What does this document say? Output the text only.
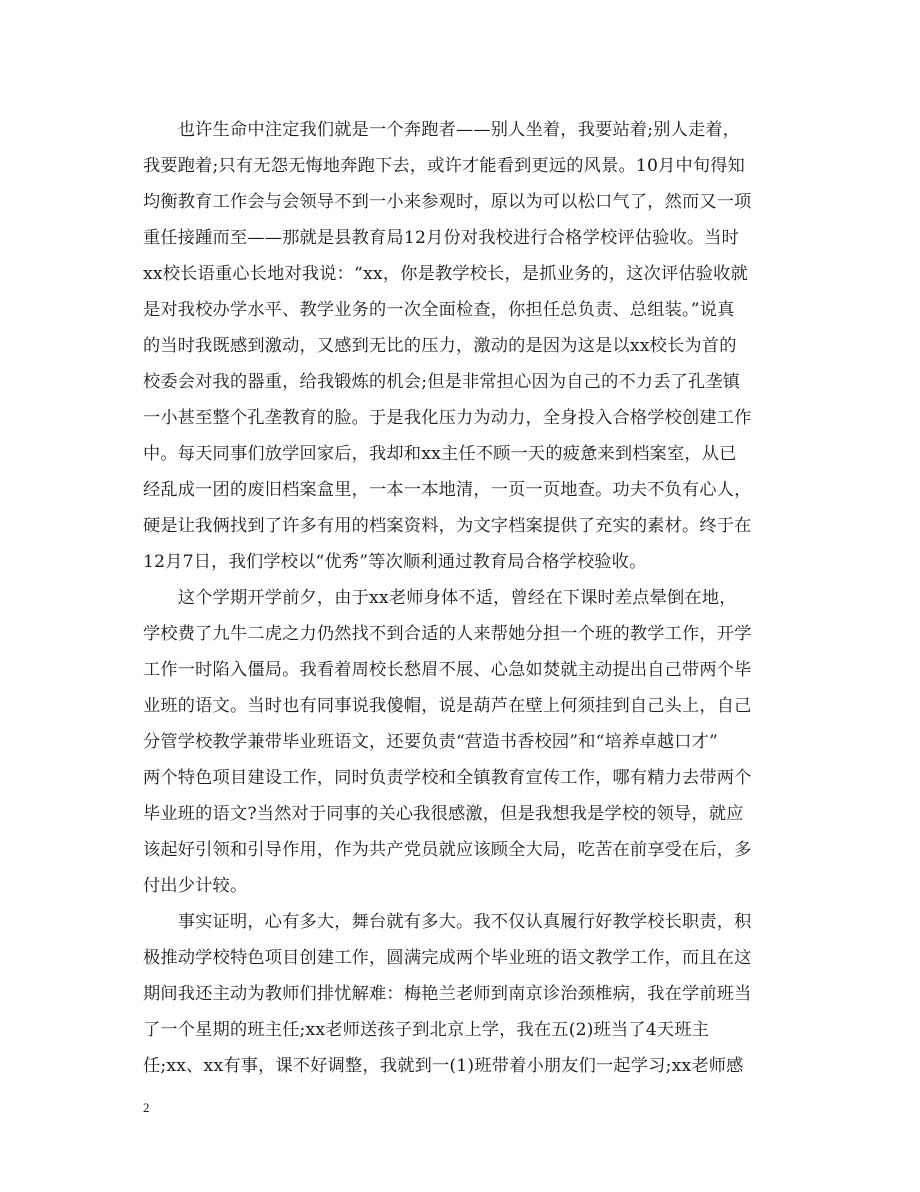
　　也许生命中注定我们就是一个奔跑者——别人坐着，我要站着;别人走着，
我要跑着;只有无怨无悔地奔跑下去，或许才能看到更远的风景。10月中旬得知
均衡教育工作会与会领导不到一小来参观时，原以为可以松口气了，然而又一项
重任接踵而至——那就是县教育局12月份对我校进行合格学校评估验收。当时
xx校长语重心长地对我说：“xx，你是教学校长，是抓业务的，这次评估验收就
是对我校办学水平、教学业务的一次全面检查，你担任总负责、总组装。”说真
的当时我既感到激动，又感到无比的压力，激动的是因为这是以xx校长为首的
校委会对我的器重，给我锻炼的机会;但是非常担心因为自己的不力丢了孔垄镇
一小甚至整个孔垄教育的脸。于是我化压力为动力，全身投入合格学校创建工作
中。每天同事们放学回家后，我却和xx主任不顾一天的疲惫来到档案室，从已
经乱成一团的废旧档案盒里，一本一本地清，一页一页地查。功夫不负有心人，
硬是让我俩找到了许多有用的档案资料，为文字档案提供了充实的素材。终于在
12月7日，我们学校以“优秀”等次顺利通过教育局合格学校验收。
　　这个学期开学前夕，由于xx老师身体不适，曾经在下课时差点晕倒在地，
学校费了九牛二虎之力仍然找不到合适的人来帮她分担一个班的教学工作，开学
工作一时陷入僵局。我看着周校长愁眉不展、心急如焚就主动提出自己带两个毕
业班的语文。当时也有同事说我傻帽，说是葫芦在壁上何须挂到自己头上，自己
分管学校教学兼带毕业班语文，还要负责“营造书香校园”和“培养卓越口才”
两个特色项目建设工作，同时负责学校和全镇教育宣传工作，哪有精力去带两个
毕业班的语文?当然对于同事的关心我很感激，但是我想我是学校的领导，就应
该起好引领和引导作用，作为共产党员就应该顾全大局，吃苦在前享受在后，多
付出少计较。
　　事实证明，心有多大，舞台就有多大。我不仅认真履行好教学校长职责，积
极推动学校特色项目创建工作，圆满完成两个毕业班的语文教学工作，而且在这
期间我还主动为教师们排忧解难：梅艳兰老师到南京诊治颈椎病，我在学前班当
了一个星期的班主任;xx老师送孩子到北京上学，我在五(2)班当了4天班主
任;xx、xx有事，课不好调整，我就到一(1)班带着小朋友们一起学习;xx老师感
2
